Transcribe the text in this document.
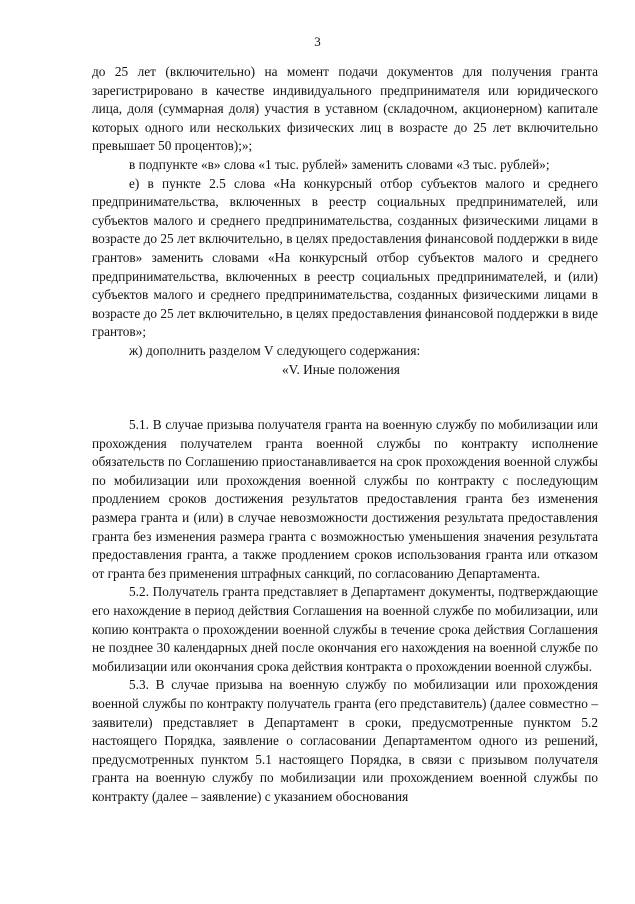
3

до 25 лет (включительно) на момент подачи документов для получения гранта зарегистрировано в качестве индивидуального предпринимателя или юридического лица, доля (суммарная доля) участия в уставном (складочном, акционерном) капитале которых одного или нескольких физических лиц в возрасте до 25 лет включительно превышает 50 процентов);»;

в подпункте «в» слова «1 тыс. рублей» заменить словами «3 тыс. рублей»;

е) в пункте 2.5 слова «На конкурсный отбор субъектов малого и среднего предпринимательства, включенных в реестр социальных предпринимателей, или субъектов малого и среднего предпринимательства, созданных физическими лицами в возрасте до 25 лет включительно, в целях предоставления финансовой поддержки в виде грантов» заменить словами «На конкурсный отбор субъектов малого и среднего предпринимательства, включенных в реестр социальных предпринимателей, и (или) субъектов малого и среднего предпринимательства, созданных физическими лицами в возрасте до 25 лет включительно, в целях предоставления финансовой поддержки в виде грантов»;

ж) дополнить разделом V следующего содержания:

«V. Иные положения

5.1. В случае призыва получателя гранта на военную службу по мобилизации или прохождения получателем гранта военной службы по контракту исполнение обязательств по Соглашению приостанавливается на срок прохождения военной службы по мобилизации или прохождения военной службы по контракту с последующим продлением сроков достижения результатов предоставления гранта без изменения размера гранта и (или) в случае невозможности достижения результата предоставления гранта без изменения размера гранта с возможностью уменьшения значения результата предоставления гранта, а также продлением сроков использования гранта или отказом от гранта без применения штрафных санкций, по согласованию Департамента.

5.2. Получатель гранта представляет в Департамент документы, подтверждающие его нахождение в период действия Соглашения на военной службе по мобилизации, или копию контракта о прохождении военной службы в течение срока действия Соглашения не позднее 30 календарных дней после окончания его нахождения на военной службе по мобилизации или окончания срока действия контракта о прохождении военной службы.

5.3. В случае призыва на военную службу по мобилизации или прохождения военной службы по контракту получатель гранта (его представитель) (далее совместно – заявители) представляет в Департамент в сроки, предусмотренные пунктом 5.2 настоящего Порядка, заявление о согласовании Департаментом одного из решений, предусмотренных пунктом 5.1 настоящего Порядка, в связи с призывом получателя гранта на военную службу по мобилизации или прохождением военной службы по контракту (далее – заявление) с указанием обоснования
